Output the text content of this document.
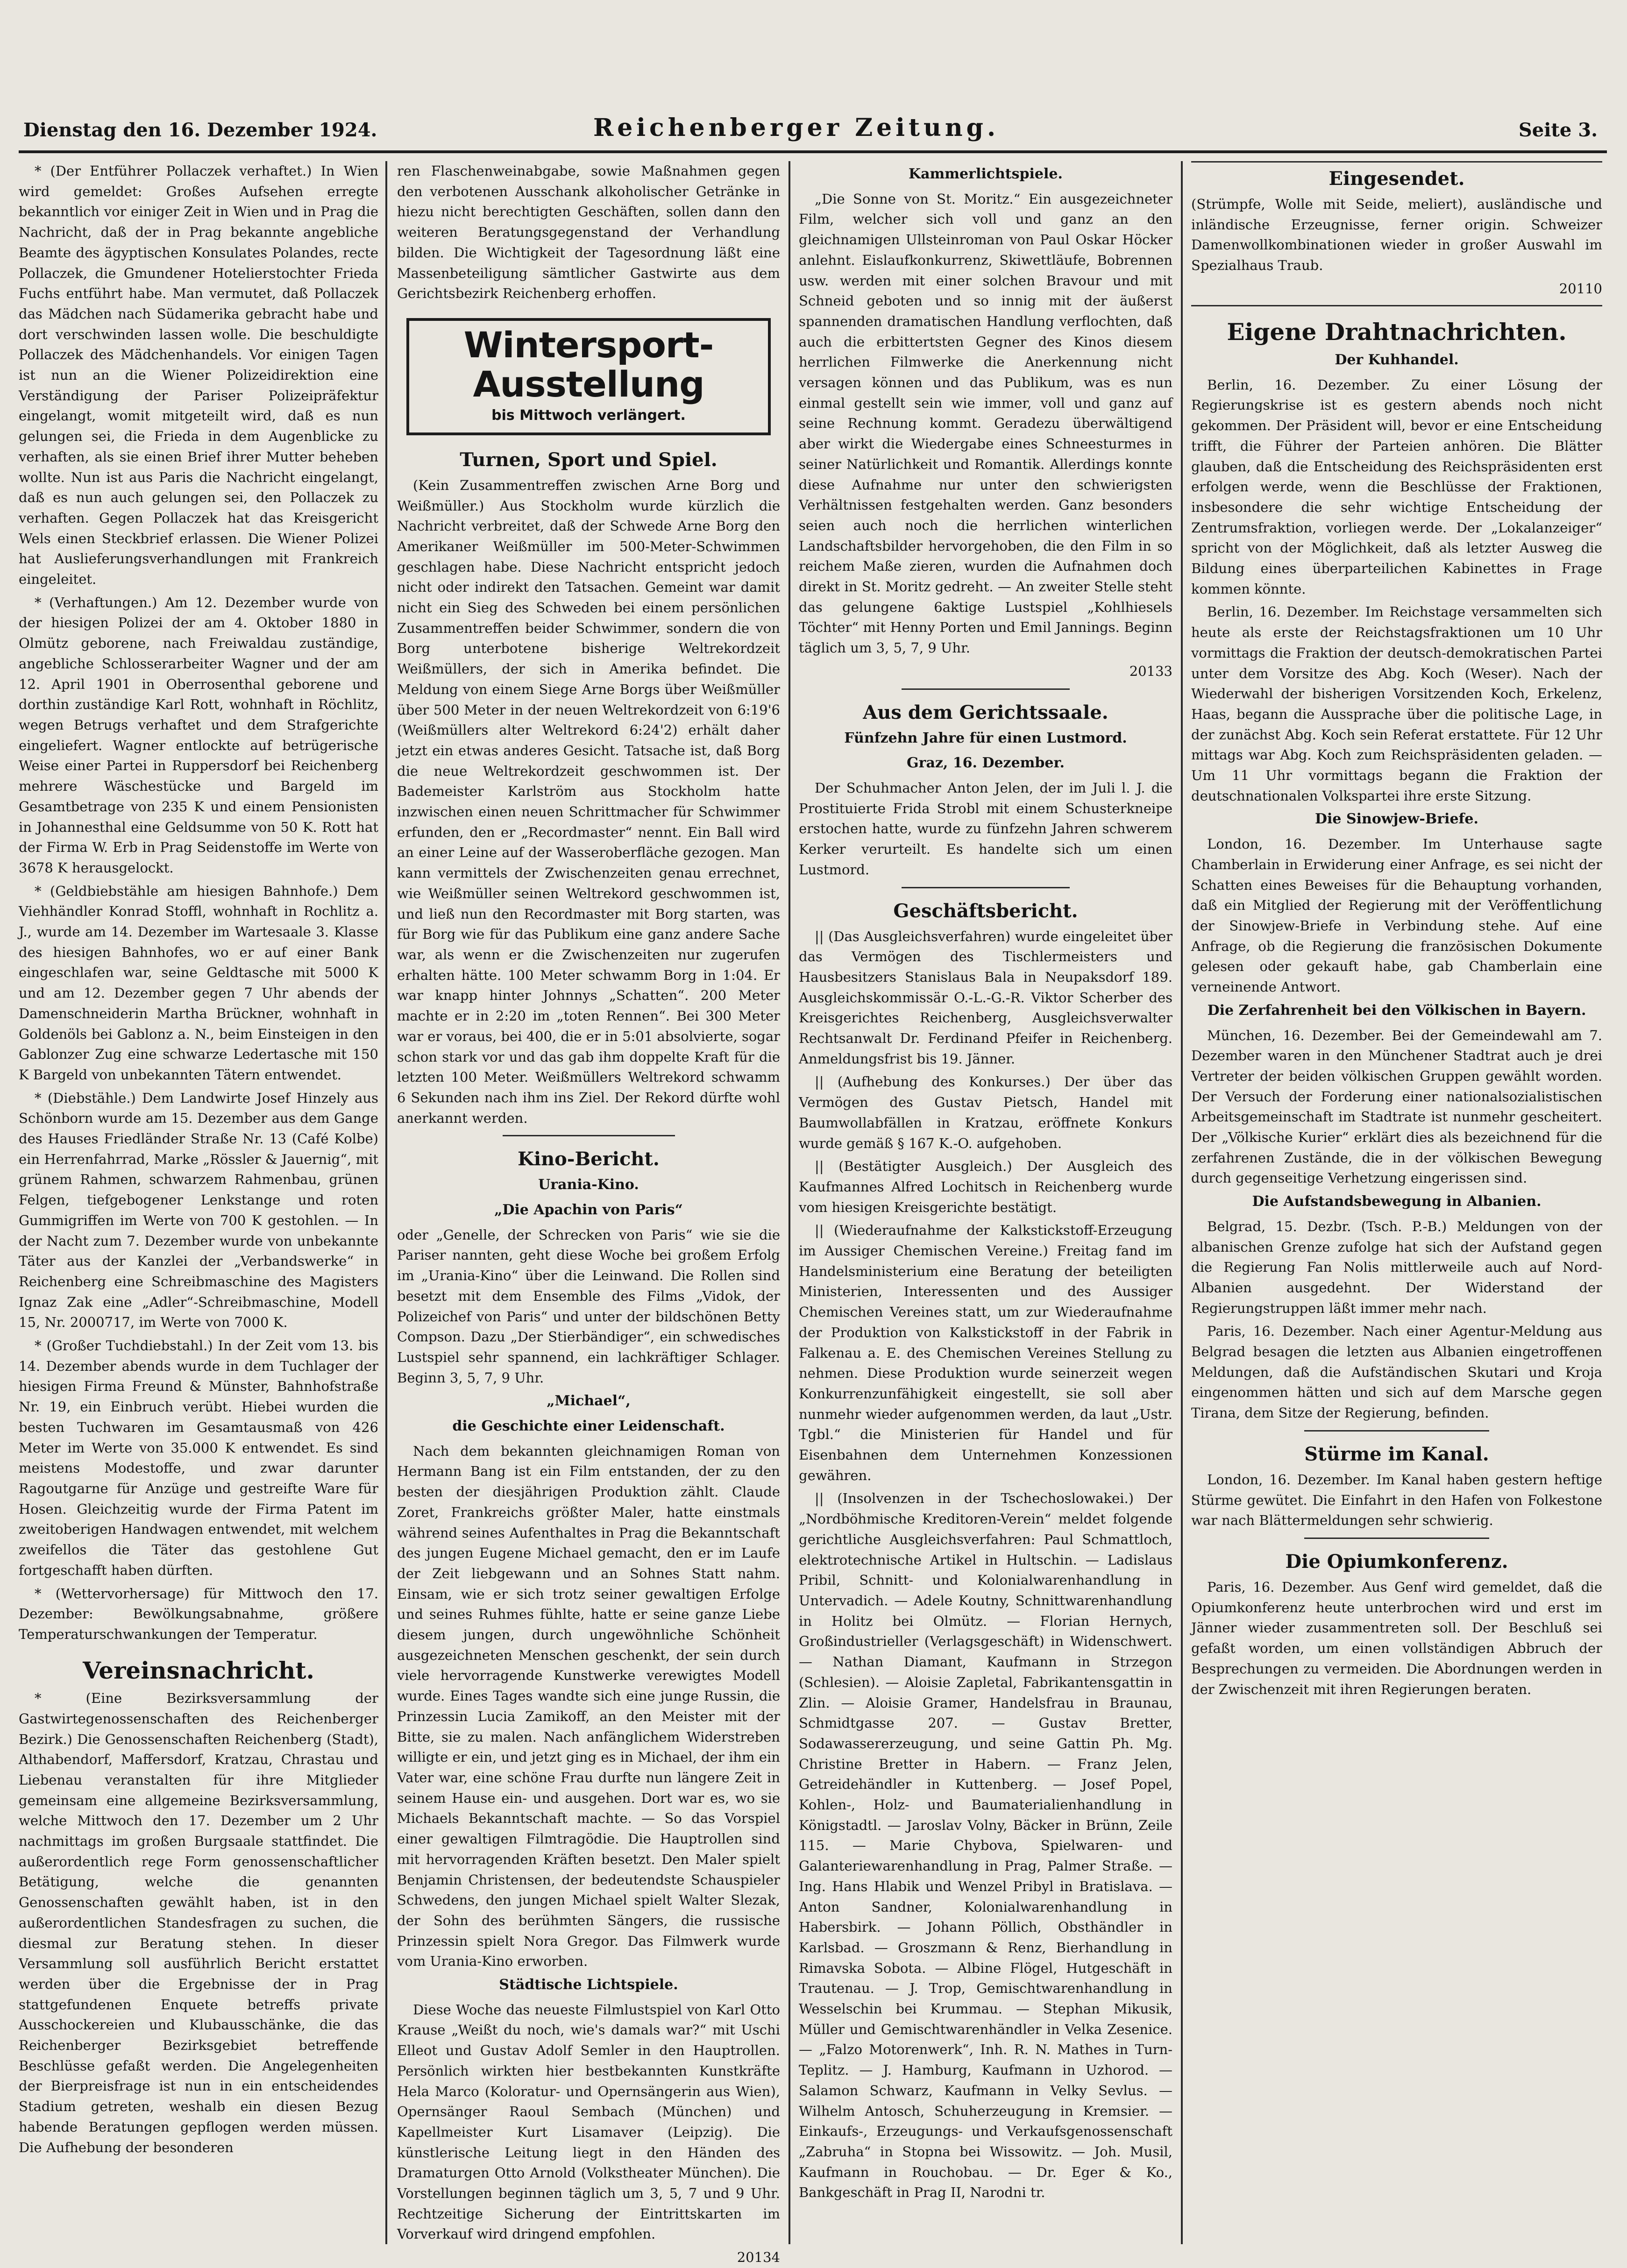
Dienstag den 16. Dezember 1924.	Reichenberger Zeitung.	Seite 3.

* (Der Entführer Pollaczek verhaftet.) In Wien wird gemeldet: Großes Aufsehen erregte bekanntlich vor einiger Zeit in Wien und in Prag die Nachricht, daß der in Prag bekannte angebliche Beamte des ägyptischen Konsulates Polandes, recte Pollaczek, die Gmundener Hotelierstochter Frieda Fuchs entführt habe. Man vermutet, daß Pollaczek das Mädchen nach Südamerika gebracht habe und dort verschwinden lassen wolle. Die beschuldigte Pollaczek des Mädchenhandels. Vor einigen Tagen ist nun an die Wiener Polizeidirektion eine Verständigung der Pariser Polizeipräfektur eingelangt, womit mitgeteilt wird, daß es nun gelungen sei, die Frieda in dem Augenblicke zu verhaften, als sie einen Brief ihrer Mutter beheben wollte. Nun ist aus Paris die Nachricht eingelangt, daß es nun auch gelungen sei, den Pollaczek zu verhaften. Gegen Pollaczek hat das Kreisgericht Wels einen Steckbrief erlassen. Die Wiener Polizei hat Auslieferungsverhandlungen mit Frankreich eingeleitet.

* (Verhaftungen.) Am 12. Dezember wurde von der hiesigen Polizei der am 4. Oktober 1880 in Olmütz geborene, nach Freiwaldau zuständige, angebliche Schlosserarbeiter Wagner und der am 12. April 1901 in Oberrosenthal geborene und dorthin zuständige Karl Rott, wohnhaft in Röchlitz, wegen Betrugs verhaftet und dem Strafgerichte eingeliefert. Wagner entlockte auf betrügerische Weise einer Partei in Ruppersdorf bei Reichenberg mehrere Wäschestücke und Bargeld im Gesamtbetrage von 235 K und einem Pensionisten in Johannesthal eine Geldsumme von 50 K. Rott hat der Firma W. Erb in Prag Seidenstoffe im Werte von 3678 K herausgelockt.

* (Geldbiebstähle am hiesigen Bahnhofe.) Dem Viehhändler Konrad Stoffl, wohnhaft in Rochlitz a. J., wurde am 14. Dezember im Wartesaale 3. Klasse des hiesigen Bahnhofes, wo er auf einer Bank eingeschlafen war, seine Geldtasche mit 5000 K und am 12. Dezember gegen 7 Uhr abends der Damenschneiderin Martha Brückner, wohnhaft in Goldenöls bei Gablonz a. N., beim Einsteigen in den Gablonzer Zug eine schwarze Ledertasche mit 150 K Bargeld von unbekannten Tätern entwendet.

* (Diebstähle.) Dem Landwirte Josef Hinzely aus Schönborn wurde am 15. Dezember aus dem Gange des Hauses Friedländer Straße Nr. 13 (Café Kolbe) ein Herrenfahrrad, Marke „Rössler & Jauernig“, mit grünem Rahmen, schwarzem Rahmenbau, grünen Felgen, tiefgebogener Lenkstange und roten Gummigriffen im Werte von 700 K gestohlen. — In der Nacht zum 7. Dezember wurde von unbekannte Täter aus der Kanzlei der „Verbandswerke“ in Reichenberg eine Schreibmaschine des Magisters Ignaz Zak eine „Adler“-Schreibmaschine, Modell 15, Nr. 2000717, im Werte von 7000 K.

* (Großer Tuchdiebstahl.) In der Zeit vom 13. bis 14. Dezember abends wurde in dem Tuchlager der hiesigen Firma Freund & Münster, Bahnhofstraße Nr. 19, ein Einbruch verübt. Hiebei wurden die besten Tuchwaren im Gesamtausmaß von 426 Meter im Werte von 35.000 K entwendet. Es sind meistens Modestoffe, und zwar darunter Ragoutgarne für Anzüge und gestreifte Ware für Hosen. Gleichzeitig wurde der Firma Patent im zweitoberigen Handwagen entwendet, mit welchem zweifellos die Täter das gestohlene Gut fortgeschafft haben dürften.

* (Wettervorhersage) für Mittwoch den 17. Dezember: Bewölkungsabnahme, größere Temperaturschwankungen der Temperatur.

Vereinsnachricht.

* (Eine Bezirksversammlung der Gastwirtegenossenschaften des Reichenberger Bezirk.) Die Genossenschaften Reichenberg (Stadt), Althabendorf, Maffersdorf, Kratzau, Chrastau und Liebenau veranstalten für ihre Mitglieder gemeinsam eine allgemeine Bezirksversammlung, welche Mittwoch den 17. Dezember um 2 Uhr nachmittags im großen Burgsaale stattfindet. Die außerordentlich rege Form genossenschaftlicher Betätigung, welche die genannten Genossenschaften gewählt haben, ist in den außerordentlichen Standesfragen zu suchen, die diesmal zur Beratung stehen. In dieser Versammlung soll ausführlich Bericht erstattet werden über die Ergebnisse der in Prag stattgefundenen Enquete betreffs private Ausschockereien und Klubausschänke, die das Reichenberger Bezirksgebiet betreffende Beschlüsse gefaßt werden. Die Angelegenheiten der Bierpreisfrage ist nun in ein entscheidendes Stadium getreten, weshalb ein diesen Bezug habende Beratungen gepflogen werden müssen. Die Aufhebung der besonderen

ren Flaschenweinabgabe, sowie Maßnahmen gegen den verbotenen Ausschank alkoholischer Getränke in hiezu nicht berechtigten Geschäften, sollen dann den weiteren Beratungsgegenstand der Verhandlung bilden. Die Wichtigkeit der Tagesordnung läßt eine Massenbeteiligung sämtlicher Gastwirte aus dem Gerichtsbezirk Reichenberg erhoffen.

Wintersport-Ausstellung
bis Mittwoch verlängert.
Turnen, Sport und Spiel.

(Kein Zusammentreffen zwischen Arne Borg und Weißmüller.) Aus Stockholm wurde kürzlich die Nachricht verbreitet, daß der Schwede Arne Borg den Amerikaner Weißmüller im 500-Meter-Schwimmen geschlagen habe. Diese Nachricht entspricht jedoch nicht oder indirekt den Tatsachen. Gemeint war damit nicht ein Sieg des Schweden bei einem persönlichen Zusammentreffen beider Schwimmer, sondern die von Borg unterbotene bisherige Weltrekordzeit Weißmüllers, der sich in Amerika befindet. Die Meldung von einem Siege Arne Borgs über Weißmüller über 500 Meter in der neuen Weltrekordzeit von 6:19'6 (Weißmüllers alter Weltrekord 6:24'2) erhält daher jetzt ein etwas anderes Gesicht. Tatsache ist, daß Borg die neue Weltrekordzeit geschwommen ist. Der Bademeister Karlström aus Stockholm hatte inzwischen einen neuen Schrittmacher für Schwimmer erfunden, den er „Recordmaster“ nennt. Ein Ball wird an einer Leine auf der Wasseroberfläche gezogen. Man kann vermittels der Zwischenzeiten genau errechnet, wie Weißmüller seinen Weltrekord geschwommen ist, und ließ nun den Recordmaster mit Borg starten, was für Borg wie für das Publikum eine ganz andere Sache war, als wenn er die Zwischenzeiten nur zugerufen erhalten hätte. 100 Meter schwamm Borg in 1:04. Er war knapp hinter Johnnys „Schatten“. 200 Meter machte er in 2:20 im „toten Rennen“. Bei 300 Meter war er voraus, bei 400, die er in 5:01 absolvierte, sogar schon stark vor und das gab ihm doppelte Kraft für die letzten 100 Meter. Weißmüllers Weltrekord schwamm 6 Sekunden nach ihm ins Ziel. Der Rekord dürfte wohl anerkannt werden.

Kino-Bericht.
Urania-Kino.
„Die Apachin von Paris“

oder „Genelle, der Schrecken von Paris“ wie sie die Pariser nannten, geht diese Woche bei großem Erfolg im „Urania-Kino“ über die Leinwand. Die Rollen sind besetzt mit dem Ensemble des Films „Vidok, der Polizeichef von Paris“ und unter der bildschönen Betty Compson. Dazu „Der Stierbändiger“, ein schwedisches Lustspiel sehr spannend, ein lachkräftiger Schlager. Beginn 3, 5, 7, 9 Uhr.

„Michael“,
die Geschichte einer Leidenschaft.

Nach dem bekannten gleichnamigen Roman von Hermann Bang ist ein Film entstanden, der zu den besten der diesjährigen Produktion zählt. Claude Zoret, Frankreichs größter Maler, hatte einstmals während seines Aufenthaltes in Prag die Bekanntschaft des jungen Eugene Michael gemacht, den er im Laufe der Zeit liebgewann und an Sohnes Statt nahm. Einsam, wie er sich trotz seiner gewaltigen Erfolge und seines Ruhmes fühlte, hatte er seine ganze Liebe diesem jungen, durch ungewöhnliche Schönheit ausgezeichneten Menschen geschenkt, der sein durch viele hervorragende Kunstwerke verewigtes Modell wurde. Eines Tages wandte sich eine junge Russin, die Prinzessin Lucia Zamikoff, an den Meister mit der Bitte, sie zu malen. Nach anfänglichem Widerstreben willigte er ein, und jetzt ging es in Michael, der ihm ein Vater war, eine schöne Frau durfte nun längere Zeit in seinem Hause ein- und ausgehen. Dort war es, wo sie Michaels Bekanntschaft machte. — So das Vorspiel einer gewaltigen Filmtragödie. Die Hauptrollen sind mit hervorragenden Kräften besetzt. Den Maler spielt Benjamin Christensen, der bedeutendste Schauspieler Schwedens, den jungen Michael spielt Walter Slezak, der Sohn des berühmten Sängers, die russische Prinzessin spielt Nora Gregor. Das Filmwerk wurde vom Urania-Kino erworben.

Städtische Lichtspiele.

Diese Woche das neueste Filmlustspiel von Karl Otto Krause „Weißt du noch, wie's damals war?“ mit Uschi Elleot und Gustav Adolf Semler in den Hauptrollen. Persönlich wirkten hier bestbekannten Kunstkräfte Hela Marco (Koloratur- und Opernsängerin aus Wien), Opernsänger Raoul Sembach (München) und Kapellmeister Kurt Lisamaver (Leipzig). Die künstlerische Leitung liegt in den Händen des Dramaturgen Otto Arnold (Volkstheater München). Die Vorstellungen beginnen täglich um 3, 5, 7 und 9 Uhr. Rechtzeitige Sicherung der Eintrittskarten im Vorverkauf wird dringend empfohlen.

20134

Kammerlichtspiele.

„Die Sonne von St. Moritz.“ Ein ausgezeichneter Film, welcher sich voll und ganz an den gleichnamigen Ullsteinroman von Paul Oskar Höcker anlehnt. Eislaufkonkurrenz, Skiwettläufe, Bobrennen usw. werden mit einer solchen Bravour und mit Schneid geboten und so innig mit der äußerst spannenden dramatischen Handlung verflochten, daß auch die erbittertsten Gegner des Kinos diesem herrlichen Filmwerke die Anerkennung nicht versagen können und das Publikum, was es nun einmal gestellt sein wie immer, voll und ganz auf seine Rechnung kommt. Geradezu überwältigend aber wirkt die Wiedergabe eines Schneesturmes in seiner Natürlichkeit und Romantik. Allerdings konnte diese Aufnahme nur unter den schwierigsten Verhältnissen festgehalten werden. Ganz besonders seien auch noch die herrlichen winterlichen Landschaftsbilder hervorgehoben, die den Film in so reichem Maße zieren, wurden die Aufnahmen doch direkt in St. Moritz gedreht. — An zweiter Stelle steht das gelungene 6aktige Lustspiel „Kohlhiesels Töchter“ mit Henny Porten und Emil Jannings. Beginn täglich um 3, 5, 7, 9 Uhr.

20133

Aus dem Gerichtssaale.
Fünfzehn Jahre für einen Lustmord.
Graz, 16. Dezember.

Der Schuhmacher Anton Jelen, der im Juli l. J. die Prostituierte Frida Strobl mit einem Schusterkneipe erstochen hatte, wurde zu fünfzehn Jahren schwerem Kerker verurteilt. Es handelte sich um einen Lustmord.

Geschäftsbericht.

|| (Das Ausgleichsverfahren) wurde eingeleitet über das Vermögen des Tischlermeisters und Hausbesitzers Stanislaus Bala in Neupaksdorf 189. Ausgleichskommissär O.-L.-G.-R. Viktor Scherber des Kreisgerichtes Reichenberg, Ausgleichsverwalter Rechtsanwalt Dr. Ferdinand Pfeifer in Reichenberg. Anmeldungsfrist bis 19. Jänner.

|| (Aufhebung des Konkurses.) Der über das Vermögen des Gustav Pietsch, Handel mit Baumwollabfällen in Kratzau, eröffnete Konkurs wurde gemäß § 167 K.-O. aufgehoben.

|| (Bestätigter Ausgleich.) Der Ausgleich des Kaufmannes Alfred Lochitsch in Reichenberg wurde vom hiesigen Kreisgerichte bestätigt.

|| (Wiederaufnahme der Kalkstickstoff-Erzeugung im Aussiger Chemischen Vereine.) Freitag fand im Handelsministerium eine Beratung der beteiligten Ministerien, Interessenten und des Aussiger Chemischen Vereines statt, um zur Wiederaufnahme der Produktion von Kalkstickstoff in der Fabrik in Falkenau a. E. des Chemischen Vereines Stellung zu nehmen. Diese Produktion wurde seinerzeit wegen Konkurrenzunfähigkeit eingestellt, sie soll aber nunmehr wieder aufgenommen werden, da laut „Ustr. Tgbl.“ die Ministerien für Handel und für Eisenbahnen dem Unternehmen Konzessionen gewähren.

|| (Insolvenzen in der Tschechoslowakei.) Der „Nordböhmische Kreditoren-Verein“ meldet folgende gerichtliche Ausgleichsverfahren: Paul Schmattloch, elektrotechnische Artikel in Hultschin. — Ladislaus Pribil, Schnitt- und Kolonialwarenhandlung in Untervadich. — Adele Koutny, Schnittwarenhandlung in Holitz bei Olmütz. — Florian Hernych, Großindustrieller (Verlagsgeschäft) in Widenschwert. — Nathan Diamant, Kaufmann in Strzegon (Schlesien). — Aloisie Zapletal, Fabrikantensgattin in Zlin. — Aloisie Gramer, Handelsfrau in Braunau, Schmidtgasse 207. — Gustav Bretter, Sodawassererzeugung, und seine Gattin Ph. Mg. Christine Bretter in Habern. — Franz Jelen, Getreidehändler in Kuttenberg. — Josef Popel, Kohlen-, Holz- und Baumaterialienhandlung in Königstadtl. — Jaroslav Volny, Bäcker in Brünn, Zeile 115. — Marie Chybova, Spielwaren- und Galanteriewarenhandlung in Prag, Palmer Straße. — Ing. Hans Hlabik und Wenzel Pribyl in Bratislava. — Anton Sandner, Kolonialwarenhandlung in Habersbirk. — Johann Pöllich, Obsthändler in Karlsbad. — Groszmann & Renz, Bierhandlung in Rimavska Sobota. — Albine Flögel, Hutgeschäft in Trautenau. — J. Trop, Gemischtwarenhandlung in Wesselschin bei Krummau. — Stephan Mikusik, Müller und Gemischtwarenhändler in Velka Zesenice. — „Falzo Motorenwerk“, Inh. R. N. Mathes in Turn-Teplitz. — J. Hamburg, Kaufmann in Uzhorod. — Salamon Schwarz, Kaufmann in Velky Sevlus. — Wilhelm Antosch, Schuherzeugung in Kremsier. — Einkaufs-, Erzeugungs- und Verkaufsgenossenschaft „Zabruha“ in Stopna bei Wissowitz. — Joh. Musil, Kaufmann in Rouchobau. — Dr. Eger & Ko., Bankgeschäft in Prag II, Narodni tr.

Eingesendet.

(Strümpfe, Wolle mit Seide, meliert), ausländische und inländische Erzeugnisse, ferner origin. Schweizer Damenwollkombinationen wieder in großer Auswahl im Spezialhaus Traub.

20110

Eigene Drahtnachrichten.
Der Kuhhandel.

Berlin, 16. Dezember. Zu einer Lösung der Regierungskrise ist es gestern abends noch nicht gekommen. Der Präsident will, bevor er eine Entscheidung trifft, die Führer der Parteien anhören. Die Blätter glauben, daß die Entscheidung des Reichspräsidenten erst erfolgen werde, wenn die Beschlüsse der Fraktionen, insbesondere die sehr wichtige Entscheidung der Zentrumsfraktion, vorliegen werde. Der „Lokalanzeiger“ spricht von der Möglichkeit, daß als letzter Ausweg die Bildung eines überparteilichen Kabinettes in Frage kommen könnte.

Berlin, 16. Dezember. Im Reichstage versammelten sich heute als erste der Reichstagsfraktionen um 10 Uhr vormittags die Fraktion der deutsch-demokratischen Partei unter dem Vorsitze des Abg. Koch (Weser). Nach der Wiederwahl der bisherigen Vorsitzenden Koch, Erkelenz, Haas, begann die Aussprache über die politische Lage, in der zunächst Abg. Koch sein Referat erstattete. Für 12 Uhr mittags war Abg. Koch zum Reichspräsidenten geladen. — Um 11 Uhr vormittags begann die Fraktion der deutschnationalen Volkspartei ihre erste Sitzung.

Die Sinowjew-Briefe.

London, 16. Dezember. Im Unterhause sagte Chamberlain in Erwiderung einer Anfrage, es sei nicht der Schatten eines Beweises für die Behauptung vorhanden, daß ein Mitglied der Regierung mit der Veröffentlichung der Sinowjew-Briefe in Verbindung stehe. Auf eine Anfrage, ob die Regierung die französischen Dokumente gelesen oder gekauft habe, gab Chamberlain eine verneinende Antwort.

Die Zerfahrenheit bei den Völkischen in Bayern.

München, 16. Dezember. Bei der Gemeindewahl am 7. Dezember waren in den Münchener Stadtrat auch je drei Vertreter der beiden völkischen Gruppen gewählt worden. Der Versuch der Forderung einer nationalsozialistischen Arbeitsgemeinschaft im Stadtrate ist nunmehr gescheitert. Der „Völkische Kurier“ erklärt dies als bezeichnend für die zerfahrenen Zustände, die in der völkischen Bewegung durch gegenseitige Verhetzung eingerissen sind.

Die Aufstandsbewegung in Albanien.

Belgrad, 15. Dezbr. (Tsch. P.-B.) Meldungen von der albanischen Grenze zufolge hat sich der Aufstand gegen die Regierung Fan Nolis mittlerweile auch auf Nord-Albanien ausgedehnt. Der Widerstand der Regierungstruppen läßt immer mehr nach.

Paris, 16. Dezember. Nach einer Agentur-Meldung aus Belgrad besagen die letzten aus Albanien eingetroffenen Meldungen, daß die Aufständischen Skutari und Kroja eingenommen hätten und sich auf dem Marsche gegen Tirana, dem Sitze der Regierung, befinden.

Stürme im Kanal.

London, 16. Dezember. Im Kanal haben gestern heftige Stürme gewütet. Die Einfahrt in den Hafen von Folkestone war nach Blättermeldungen sehr schwierig.

Die Opiumkonferenz.

Paris, 16. Dezember. Aus Genf wird gemeldet, daß die Opiumkonferenz heute unterbrochen wird und erst im Jänner wieder zusammentreten soll. Der Beschluß sei gefaßt worden, um einen vollständigen Abbruch der Besprechungen zu vermeiden. Die Abordnungen werden in der Zwischenzeit mit ihren Regierungen beraten.
